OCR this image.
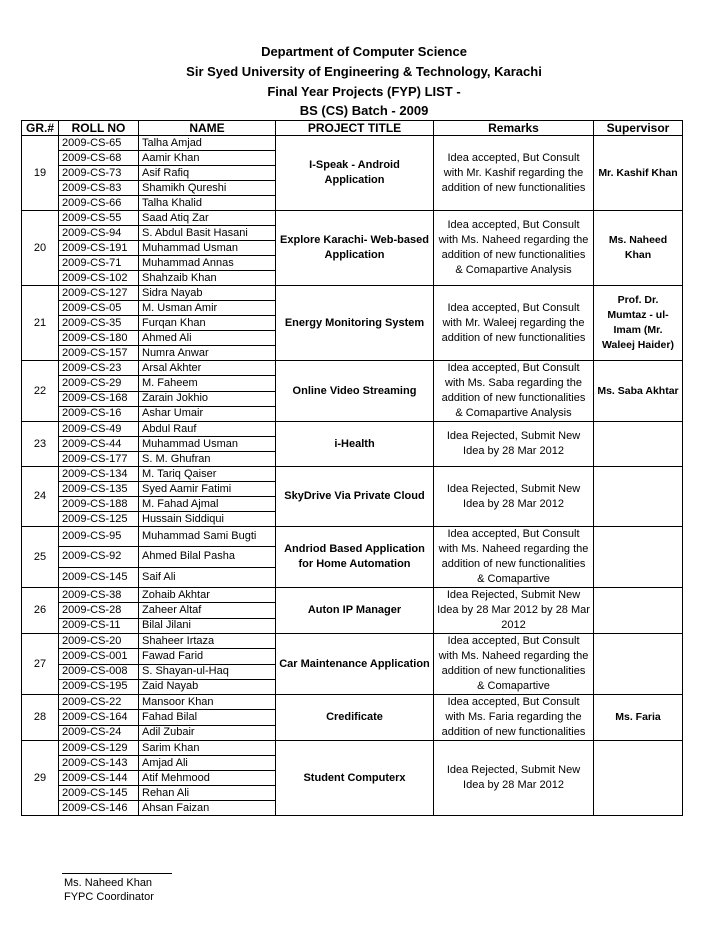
Department of Computer Science
Sir Syed University of Engineering & Technology, Karachi
Final Year Projects (FYP) LIST -
BS (CS) Batch - 2009
GR.#	ROLL NO	NAME	PROJECT TITLE	Remarks	Supervisor
19	2009-CS-65	Talha Amjad	I-Speak - Android Application	Idea accepted, But Consult with Mr. Kashif regarding the addition of new functionalities	Mr. Kashif Khan
	2009-CS-68	Aamir Khan			
	2009-CS-73	Asif Rafiq			
	2009-CS-83	Shamikh Qureshi			
	2009-CS-66	Talha Khalid			
20	2009-CS-55	Saad Atiq Zar	Explore Karachi- Web-based Application	Idea accepted, But Consult with Ms. Naheed regarding the addition of new functionalities & Comapartive Analysis	Ms. Naheed Khan
	2009-CS-94	S. Abdul Basit Hasani			
	2009-CS-191	Muhammad Usman			
	2009-CS-71	Muhammad Annas			
	2009-CS-102	Shahzaib Khan			
21	2009-CS-127	Sidra Nayab	Energy Monitoring System	Idea accepted, But Consult with Mr. Waleej regarding the addition of new functionalities	Prof. Dr. Mumtaz - ul-Imam (Mr. Waleej Haider)
	2009-CS-05	M. Usman Amir			
	2009-CS-35	Furqan Khan			
	2009-CS-180	Ahmed Ali			
	2009-CS-157	Numra Anwar			
22	2009-CS-23	Arsal Akhter	Online Video Streaming	Idea accepted, But Consult with Ms. Saba regarding the addition of new functionalities & Comapartive Analysis	Ms. Saba Akhtar
	2009-CS-29	M. Faheem			
	2009-CS-168	Zarain Jokhio			
	2009-CS-16	Ashar Umair			
23	2009-CS-49	Abdul Rauf	i-Health	Idea Rejected, Submit New Idea by 28 Mar 2012	
	2009-CS-44	Muhammad Usman			
	2009-CS-177	S. M. Ghufran			
24	2009-CS-134	M. Tariq Qaiser	SkyDrive Via Private Cloud	Idea Rejected, Submit New Idea by 28 Mar 2012	
	2009-CS-135	Syed Aamir Fatimi			
	2009-CS-188	M. Fahad Ajmal			
	2009-CS-125	Hussain Siddiqui			
25	2009-CS-95	Muhammad Sami Bugti	Andriod Based Application for Home Automation	Idea accepted, But Consult with Ms. Naheed regarding the addition of new functionalities & Comapartive	
	2009-CS-92	Ahmed Bilal Pasha			
	2009-CS-145	Saif Ali			
26	2009-CS-38	Zohaib Akhtar	Auton IP Manager	Idea Rejected, Submit New Idea by 28 Mar 2012 by 28 Mar 2012	
	2009-CS-28	Zaheer Altaf			
	2009-CS-11	Bilal Jilani			
27	2009-CS-20	Shaheer Irtaza	Car Maintenance Application	Idea accepted, But Consult with Ms. Naheed regarding the addition of new functionalities & Comapartive	
	2009-CS-001	Fawad Farid			
	2009-CS-008	S. Shayan-ul-Haq			
	2009-CS-195	Zaid Nayab			
28	2009-CS-22	Mansoor Khan	Credificate	Idea accepted, But Consult with Ms. Faria regarding the addition of new functionalities	Ms. Faria
	2009-CS-164	Fahad Bilal			
	2009-CS-24	Adil Zubair			
29	2009-CS-129	Sarim Khan	Student Computerx	Idea Rejected, Submit New Idea by 28 Mar 2012	
	2009-CS-143	Amjad Ali			
	2009-CS-144	Atif Mehmood			
	2009-CS-145	Rehan Ali			
	2009-CS-146	Ahsan Faizan			
Ms. Naheed Khan
FYPC Coordinator
